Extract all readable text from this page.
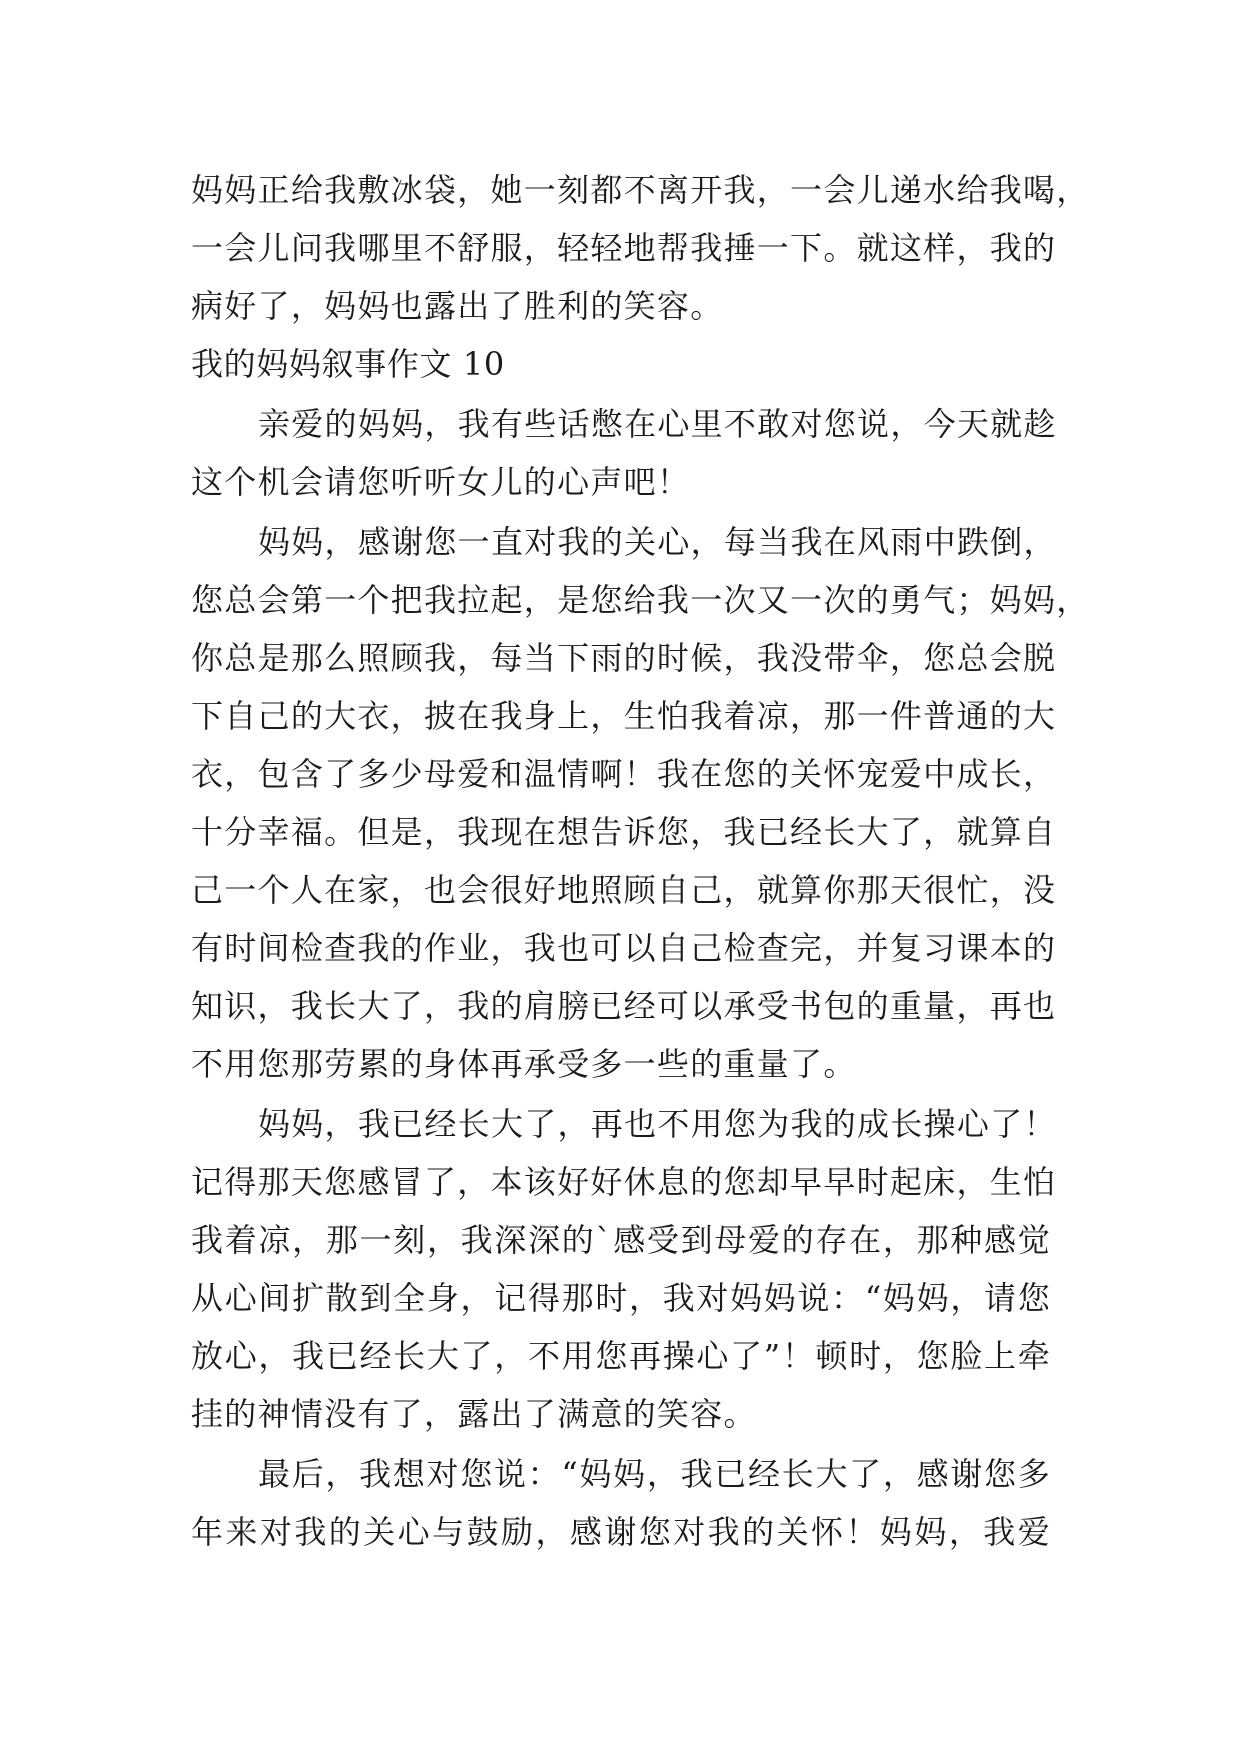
妈妈正给我敷冰袋，她一刻都不离开我，一会儿递水给我喝，
一会儿问我哪里不舒服，轻轻地帮我捶一下。就这样，我的
病好了，妈妈也露出了胜利的笑容。
我的妈妈叙事作文 10
亲爱的妈妈，我有些话憋在心里不敢对您说，今天就趁
这个机会请您听听女儿的心声吧！
妈妈，感谢您一直对我的关心，每当我在风雨中跌倒，
您总会第一个把我拉起，是您给我一次又一次的勇气；妈妈，
你总是那么照顾我，每当下雨的时候，我没带伞，您总会脱
下自己的大衣，披在我身上，生怕我着凉，那一件普通的大
衣，包含了多少母爱和温情啊！我在您的关怀宠爱中成长，
十分幸福。但是，我现在想告诉您，我已经长大了，就算自
己一个人在家，也会很好地照顾自己，就算你那天很忙，没
有时间检查我的作业，我也可以自己检查完，并复习课本的
知识，我长大了，我的肩膀已经可以承受书包的重量，再也
不用您那劳累的身体再承受多一些的重量了。
妈妈，我已经长大了，再也不用您为我的成长操心了！
记得那天您感冒了，本该好好休息的您却早早时起床，生怕
我着凉，那一刻，我深深的`感受到母爱的存在，那种感觉
从心间扩散到全身，记得那时，我对妈妈说：“妈妈，请您
放心，我已经长大了，不用您再操心了”！顿时，您脸上牵
挂的神情没有了，露出了满意的笑容。
最后，我想对您说：“妈妈，我已经长大了，感谢您多
年来对我的关心与鼓励，感谢您对我的关怀！妈妈，我爱
